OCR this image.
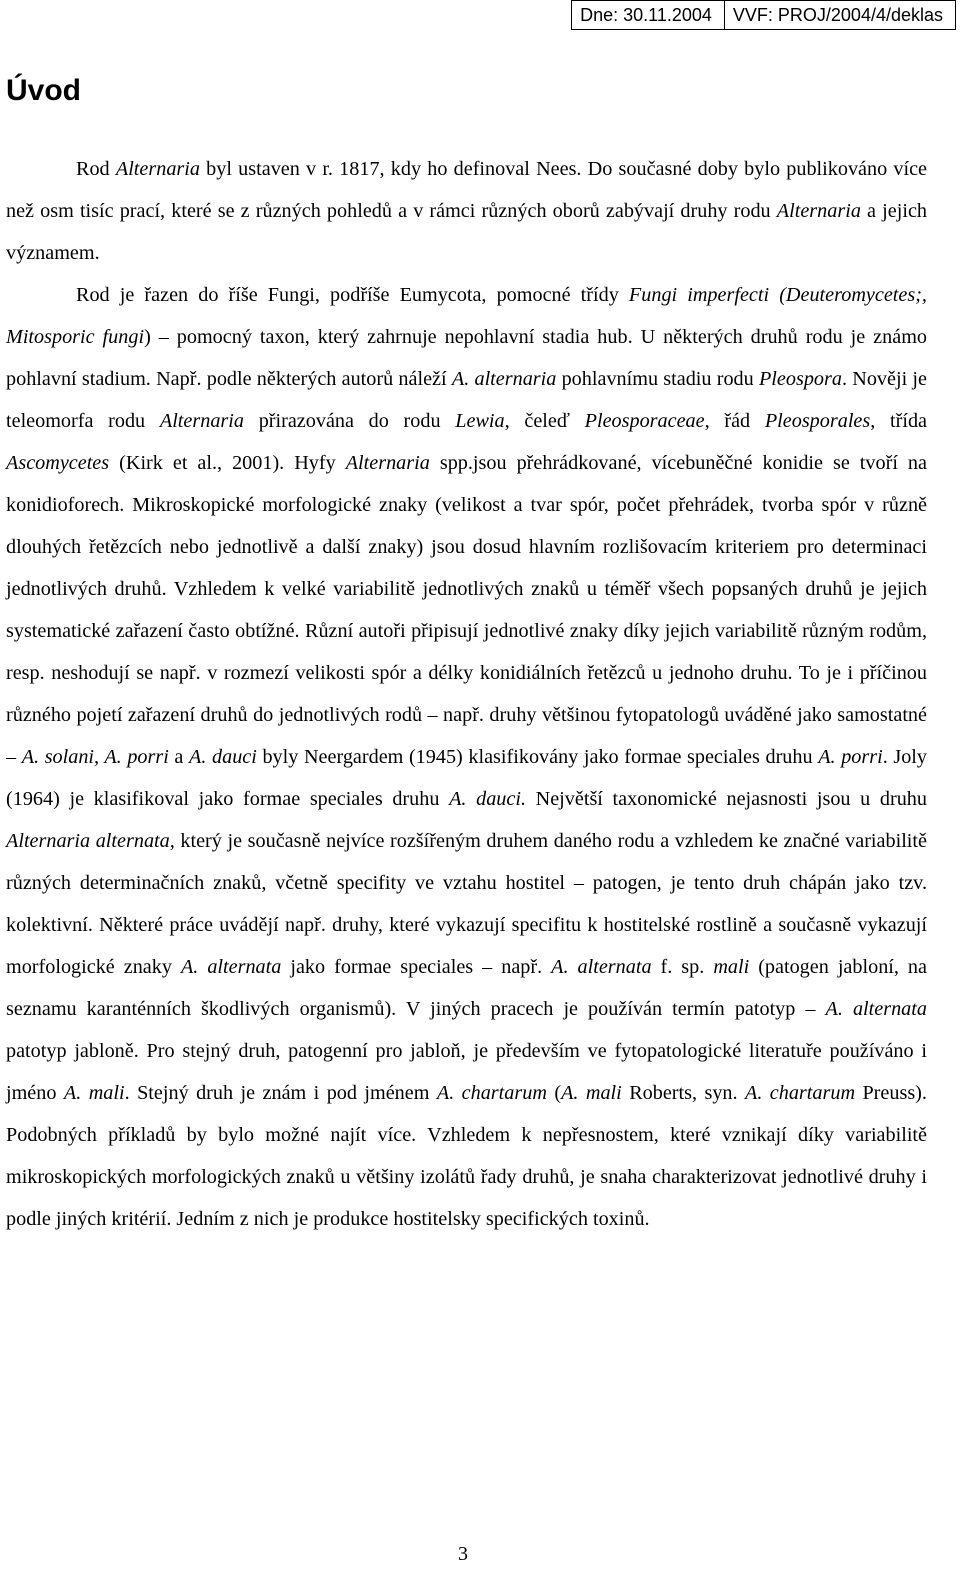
Dne: 30.11.2004	VVF: PROJ/2004/4/deklas
Úvod

Rod Alternaria byl ustaven v r. 1817, kdy ho definoval Nees. Do současné doby bylo publikováno více než osm tisíc prací, které se z různých pohledů a v rámci různých oborů zabývají druhy rodu Alternaria a jejich významem.

Rod je řazen do říše Fungi, podříše Eumycota, pomocné třídy Fungi imperfecti (Deuteromycetes;, Mitosporic fungi) – pomocný taxon, který zahrnuje nepohlavní stadia hub. U některých druhů rodu je známo pohlavní stadium. Např. podle některých autorů náleží A. alternaria pohlavnímu stadiu rodu Pleospora. Nověji je teleomorfa rodu Alternaria přirazována do rodu Lewia, čeleď Pleosporaceae, řád Pleosporales, třída Ascomycetes (Kirk et al., 2001). Hyfy Alternaria spp.jsou přehrádkované, vícebuněčné konidie se tvoří na konidioforech. Mikroskopické morfologické znaky (velikost a tvar spór, počet přehrádek, tvorba spór v různě dlouhých řetězcích nebo jednotlivě a další znaky) jsou dosud hlavním rozlišovacím kriteriem pro determinaci jednotlivých druhů. Vzhledem k velké variabilitě jednotlivých znaků u téměř všech popsaných druhů je jejich systematické zařazení často obtížné. Různí autoři připisují jednotlivé znaky díky jejich variabilitě různým rodům, resp. neshodují se např. v rozmezí velikosti spór a délky konidiálních řetězců u jednoho druhu. To je i příčinou různého pojetí zařazení druhů do jednotlivých rodů – např. druhy většinou fytopatologů uváděné jako samostatné – A. solani, A. porri a A. dauci byly Neergardem (1945) klasifikovány jako formae speciales druhu A. porri. Joly (1964) je klasifikoval jako formae speciales druhu A. dauci. Největší taxonomické nejasnosti jsou u druhu Alternaria alternata, který je současně nejvíce rozšířeným druhem daného rodu a vzhledem ke značné variabilitě různých determinačních znaků, včetně specifity ve vztahu hostitel – patogen, je tento druh chápán jako tzv. kolektivní. Některé práce uvádějí např. druhy, které vykazují specifitu k hostitelské rostlině a současně vykazují morfologické znaky A. alternata jako formae speciales – např. A. alternata f. sp. mali (patogen jabloní, na seznamu karanténních škodlivých organismů). V jiných pracech je používán termín patotyp – A. alternata patotyp jabloně. Pro stejný druh, patogenní pro jabloň, je především ve fytopatologické literatuře používáno i jméno A. mali. Stejný druh je znám i pod jménem A. chartarum (A. mali Roberts, syn. A. chartarum Preuss). Podobných příkladů by bylo možné najít více. Vzhledem k nepřesnostem, které vznikají díky variabilitě mikroskopických morfologických znaků u většiny izolátů řady druhů, je snaha charakterizovat jednotlivé druhy i podle jiných kritérií. Jedním z nich je produkce hostitelsky specifických toxinů.

3
